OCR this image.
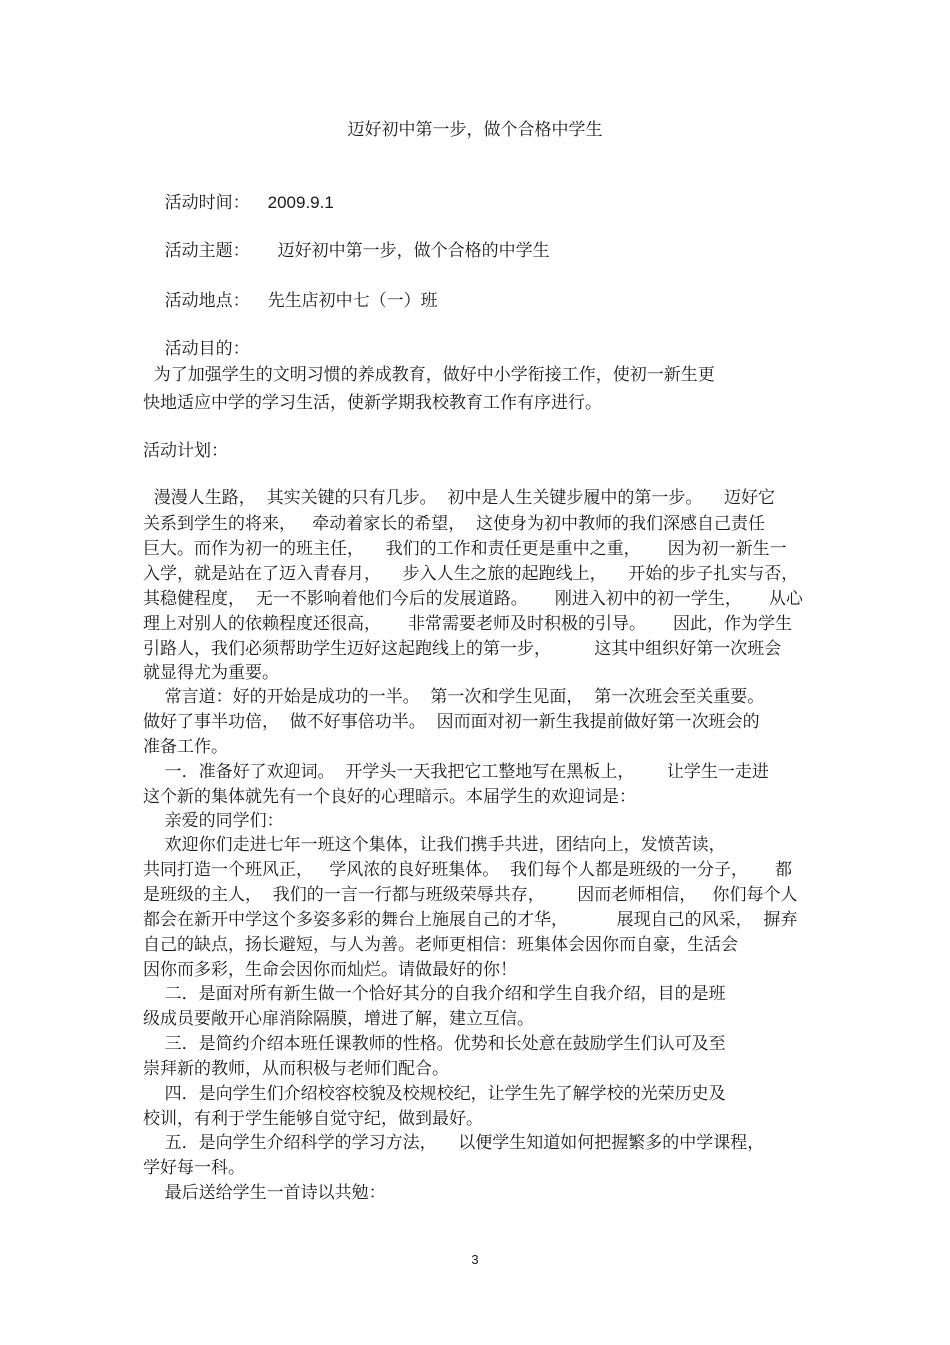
迈好初中第一步，做个合格中学生

活动时间： 2009.9.1

活动主题： 迈好初中第一步，做个合格的中学生

活动地点： 先生店初中七（一）班

活动目的：

为了加强学生的文明习惯的养成教育，做好中小学衔接工作，使初一新生更
快地适应中学的学习生活，使新学期我校教育工作有序进行。
活动计划：
漫漫人生路，  其实关键的只有几步。  初中是人生关键步履中的第一步。    迈好它
关系到学生的将来，   牵动着家长的希望，  这使身为初中教师的我们深感自己责任
巨大。而作为初一的班主任，    我们的工作和责任更是重中之重，     因为初一新生一
入学，就是站在了迈入青春月，    步入人生之旅的起跑线上，    开始的步子扎实与否，
其稳健程度，  无一不影响着他们今后的发展道路。     刚进入初中的初一学生，     从心
理上对别人的依赖程度还很高，     非常需要老师及时积极的引导。     因此，作为学生
引路人，我们必须帮助学生迈好这起跑线上的第一步，        这其中组织好第一次班会
就显得尤为重要。
常言道：好的开始是成功的一半。  第一次和学生见面，  第一次班会至关重要。
做好了事半功倍，  做不好事倍功半。  因而面对初一新生我提前做好第一次班会的
准备工作。
一．准备好了欢迎词。  开学头一天我把它工整地写在黑板上，      让学生一走进
这个新的集体就先有一个良好的心理暗示。本届学生的欢迎词是：
亲爱的同学们：
欢迎你们走进七年一班这个集体，让我们携手共进，团结向上，发愤苦读，
共同打造一个班风正，   学风浓的良好班集体。  我们每个人都是班级的一分子，     都
是班级的主人，  我们的一言一行都与班级荣辱共存，      因而老师相信，   你们每个人
都会在新开中学这个多姿多彩的舞台上施展自己的才华，         展现自己的风采，  摒弃
自己的缺点，扬长避短，与人为善。老师更相信：班集体会因你而自豪，生活会
因你而多彩，生命会因你而灿烂。请做最好的你！
二．是面对所有新生做一个恰好其分的自我介绍和学生自我介绍，目的是班
级成员要敞开心扉消除隔膜，增进了解，建立互信。
三．是简约介绍本班任课教师的性格。优势和长处意在鼓励学生们认可及至
崇拜新的教师，从而积极与老师们配合。
四．是向学生们介绍校容校貌及校规校纪，让学生先了解学校的光荣历史及
校训，有利于学生能够自觉守纪，做到最好。
五．是向学生介绍科学的学习方法，    以便学生知道如何把握繁多的中学课程，
学好每一科。
最后送给学生一首诗以共勉：
3
